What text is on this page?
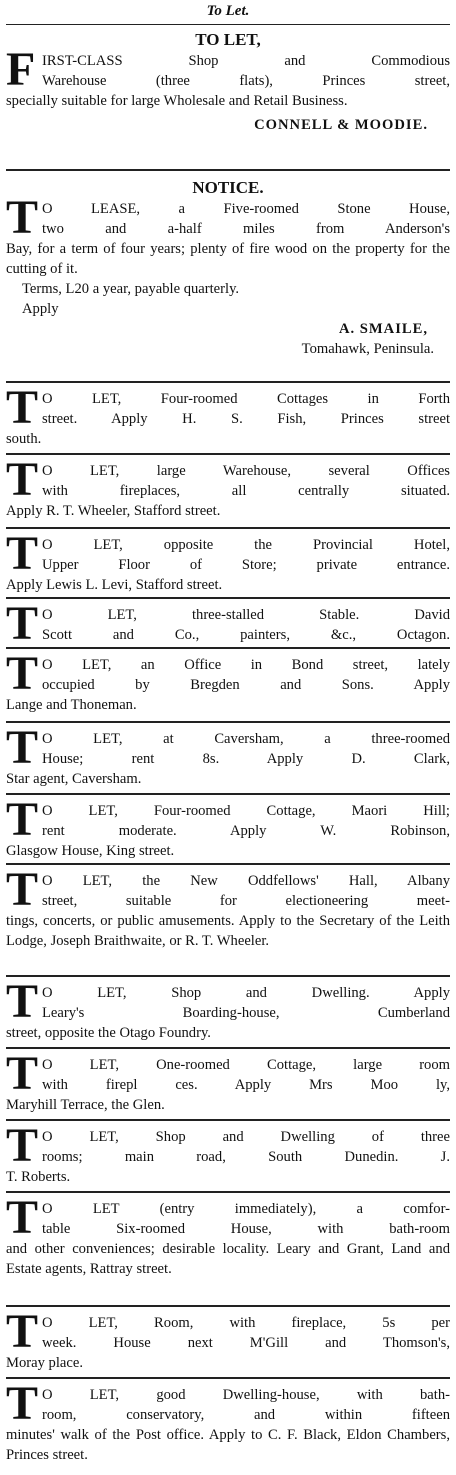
To Let.
TO LET,
F IRST-CLASS Shop and Commodious
Warehouse (three flats), Princes street,
specially suitable for large Wholesale and Retail Business.
CONNELL & MOODIE.
NOTICE.
T O LEASE, a Five-roomed Stone House,
two and a-half miles from Anderson's
Bay, for a term of four years; plenty of fire wood on the property for the cutting of it.
Terms, L20 a year, payable quarterly.
Apply
A. SMAILE,
Tomahawk, Peninsula.
T O LET, Four-roomed Cottages in Forth
street. Apply H. S. Fish, Princes street
south.
T O LET, large Warehouse, several Offices
with fireplaces, all centrally situated.
Apply R. T. Wheeler, Stafford street.
T O LET, opposite the Provincial Hotel,
Upper Floor of Store; private entrance.
Apply Lewis L. Levi, Stafford street.
T O LET, three-stalled Stable. David
Scott and Co., painters, &c., Octagon.
T O LET, an Office in Bond street, lately
occupied by Bregden and Sons. Apply
Lange and Thoneman.
T O LET, at Caversham, a three-roomed
House; rent 8s. Apply D. Clark,
Star agent, Caversham.
T O LET, Four-roomed Cottage, Maori Hill;
rent moderate. Apply W. Robinson,
Glasgow House, King street.
T O LET, the New Oddfellows' Hall, Albany
street, suitable for electioneering meet-
tings, concerts, or public amusements. Apply to the Secretary of the Leith Lodge, Joseph Braithwaite, or R. T. Wheeler.
T O LET, Shop and Dwelling. Apply
Leary's Boarding-house, Cumberland
street, opposite the Otago Foundry.
T O LET, One-roomed Cottage, large room
with firepl ces. Apply Mrs Moo ly,
Maryhill Terrace, the Glen.
T O LET, Shop and Dwelling of three
rooms; main road, South Dunedin. J.
T. Roberts.
T O LET (entry immediately), a comfor-
table Six-roomed House, with bath-room
and other conveniences; desirable locality. Leary and Grant, Land and Estate agents, Rattray street.
T O LET, Room, with fireplace, 5s per
week. House next M'Gill and Thomson's,
Moray place.
T O LET, good Dwelling-house, with bath-
room, conservatory, and within fifteen
minutes' walk of the Post office. Apply to C. F. Black, Eldon Chambers, Princes street.
